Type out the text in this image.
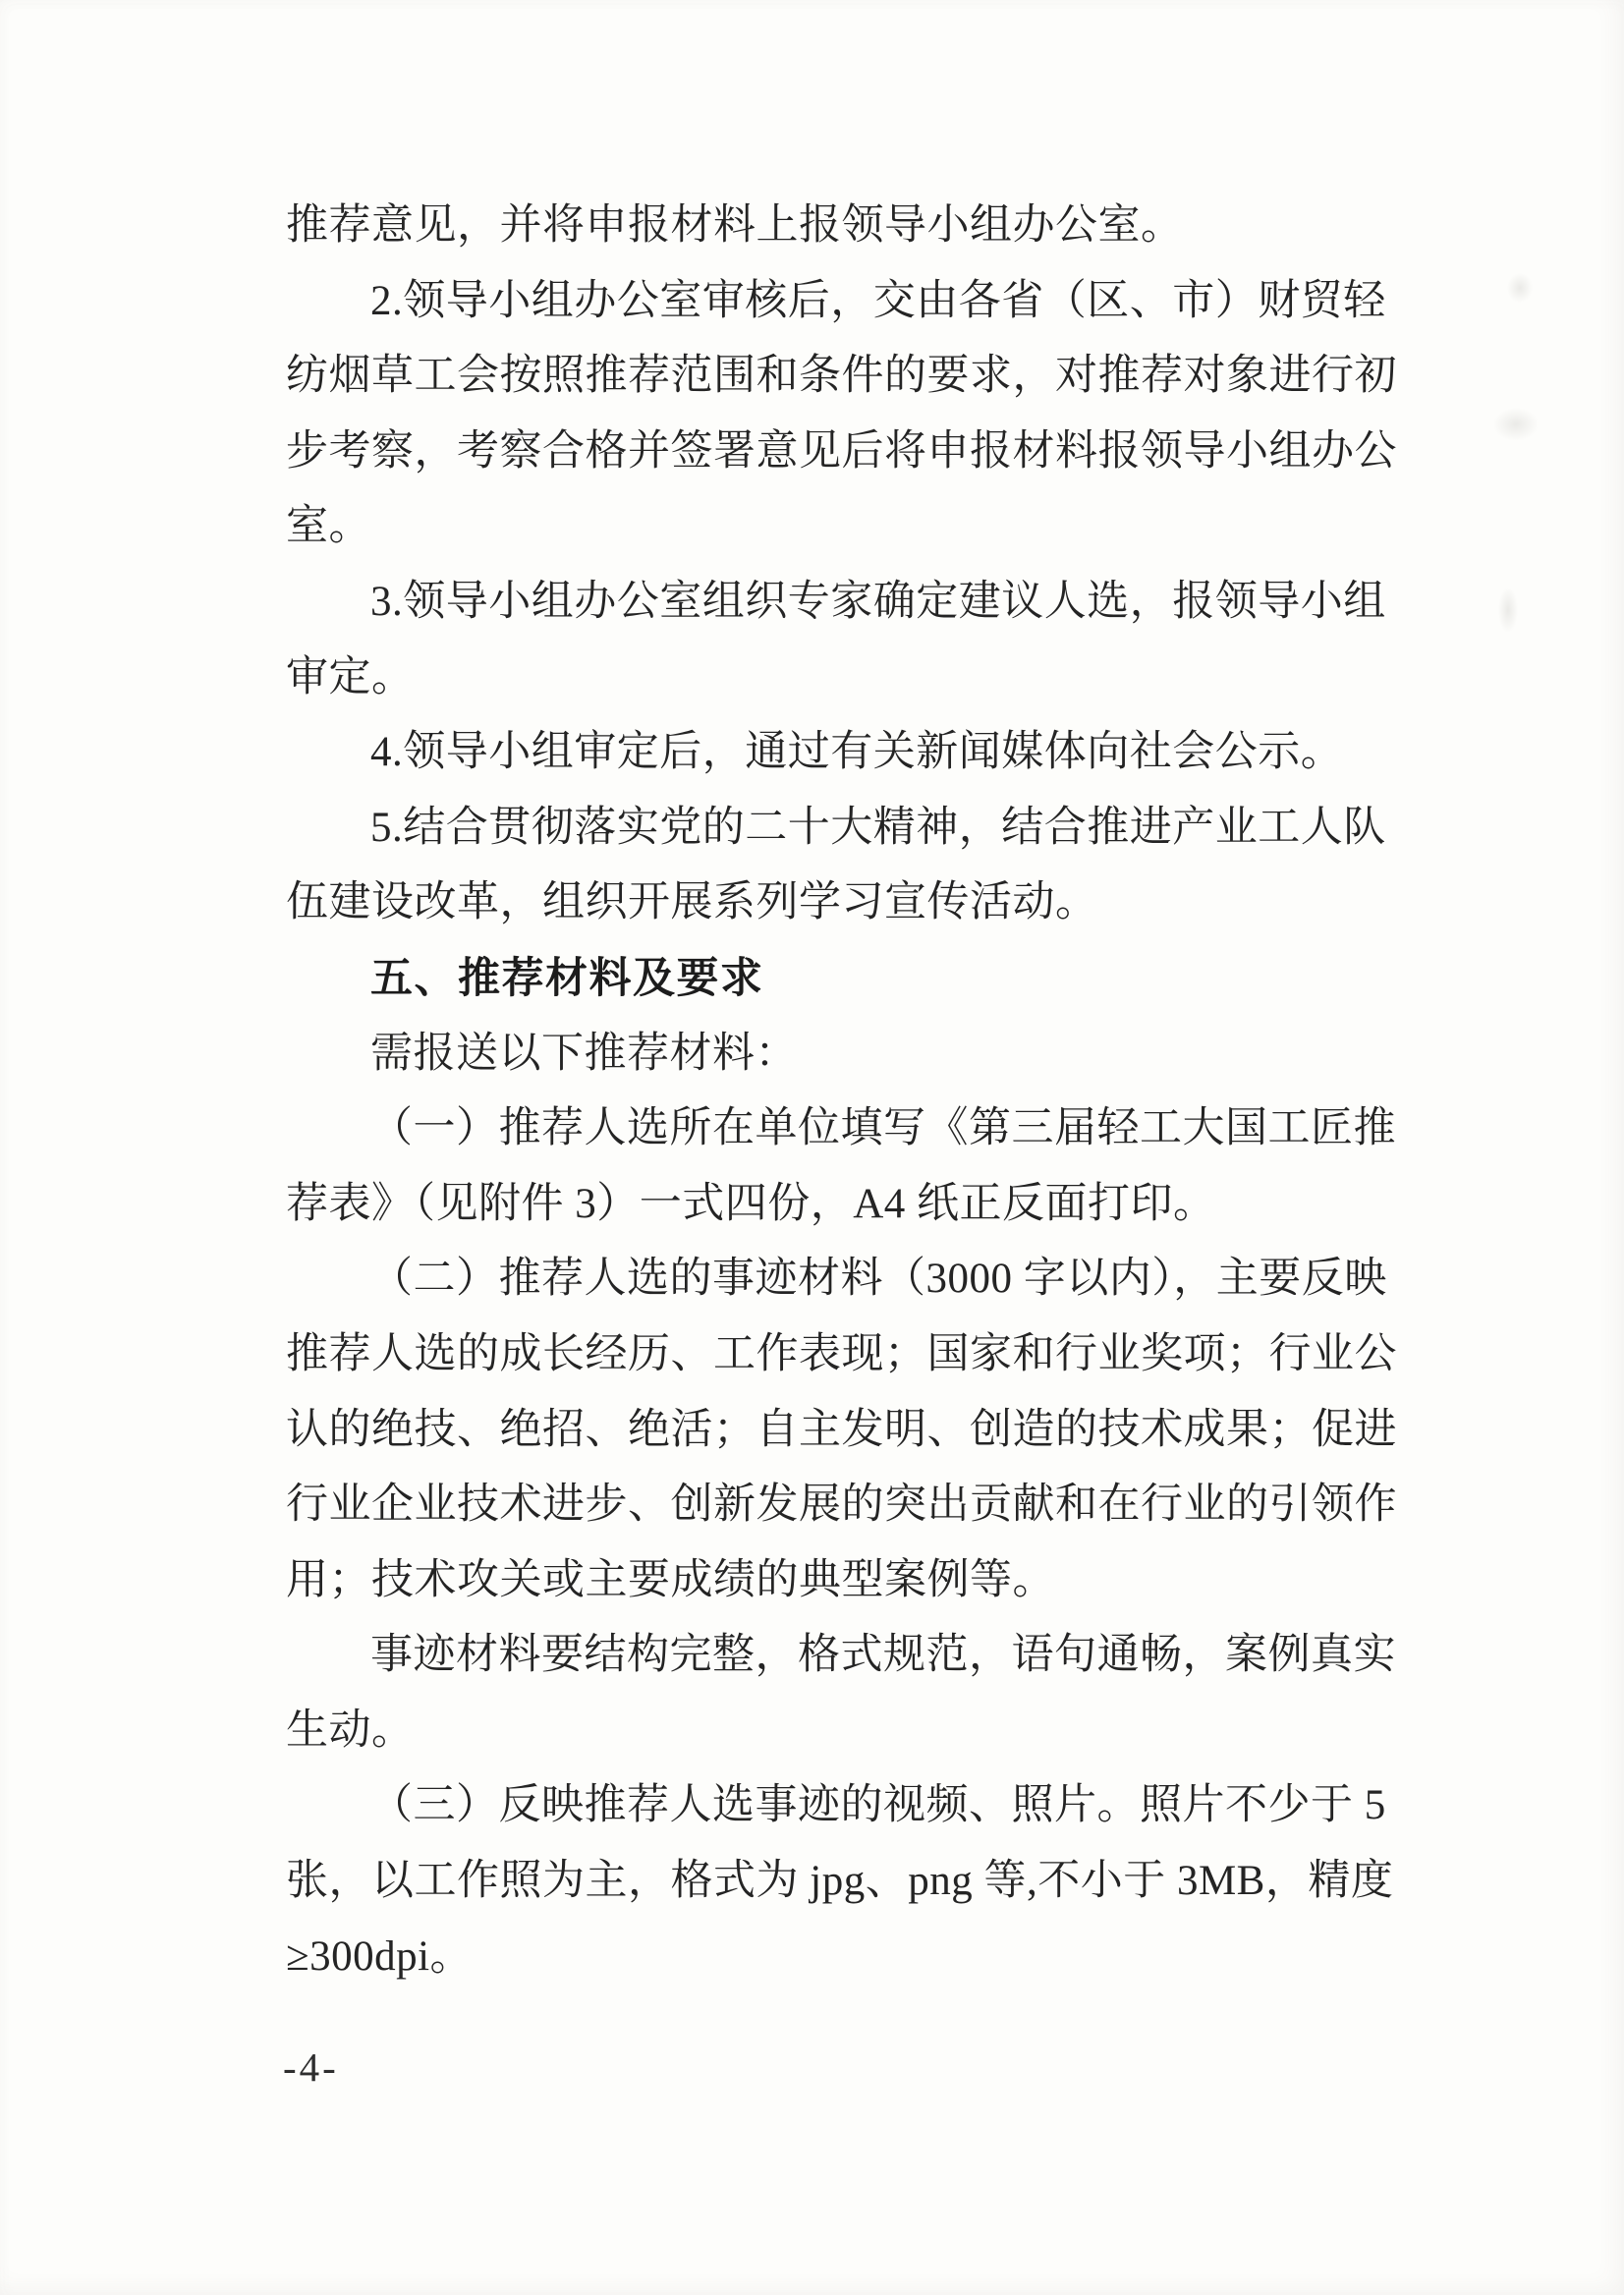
推荐意见，并将申报材料上报领导小组办公室。
2.领导小组办公室审核后，交由各省（区、市）财贸轻
纺烟草工会按照推荐范围和条件的要求，对推荐对象进行初
步考察，考察合格并签署意见后将申报材料报领导小组办公
室。
3.领导小组办公室组织专家确定建议人选，报领导小组
审定。
4.领导小组审定后，通过有关新闻媒体向社会公示。
5.结合贯彻落实党的二十大精神，结合推进产业工人队
伍建设改革，组织开展系列学习宣传活动。
五、推荐材料及要求
需报送以下推荐材料：
（一）推荐人选所在单位填写《第三届轻工大国工匠推
荐表》（见附件 3）一式四份，A4 纸正反面打印。
（二）推荐人选的事迹材料（3000 字以内），主要反映
推荐人选的成长经历、工作表现；国家和行业奖项；行业公
认的绝技、绝招、绝活；自主发明、创造的技术成果；促进
行业企业技术进步、创新发展的突出贡献和在行业的引领作
用；技术攻关或主要成绩的典型案例等。
事迹材料要结构完整，格式规范，语句通畅，案例真实
生动。
（三）反映推荐人选事迹的视频、照片。照片不少于 5
张，以工作照为主，格式为 jpg、png 等,不小于 3MB，精度
≥300dpi。
-4-
